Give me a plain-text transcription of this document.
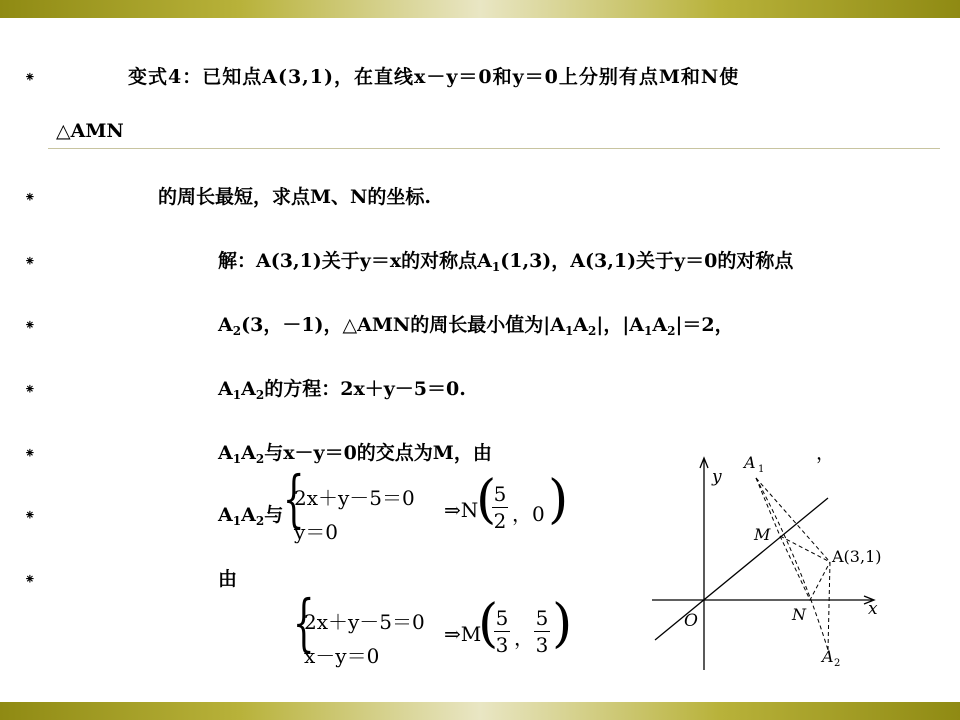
⁕
⁕
⁕
⁕
⁕
⁕
⁕
⁕
变式4：已知点A(3,1)，在直线x－y＝0和y＝0上分别有点M和N使
△AMN
的周长最短，求点M、N的坐标.
解：A(3,1)关于y＝x的对称点$A_1(1,3)$，A(3,1)关于y＝0的对称点
$A_2(3$，－1)，△AMN的周长最小值为$|A_1A_2|$，$|A_1A_2|=2$，
$A_1A_2$的方程：2x＋y－5＝0.
$A_1A_2$与x－y＝0的交点为M，由	，
$A_1A_2$与
由
{
2x＋y－5＝0
y＝0
⇒N
(
5
2 ，0 )
{
2x＋y－5＝0
x－y＝0
⇒M
(
5
3 ，
5
3 )
y
x
O
A 1
M
A(3,1)
N
A 2
